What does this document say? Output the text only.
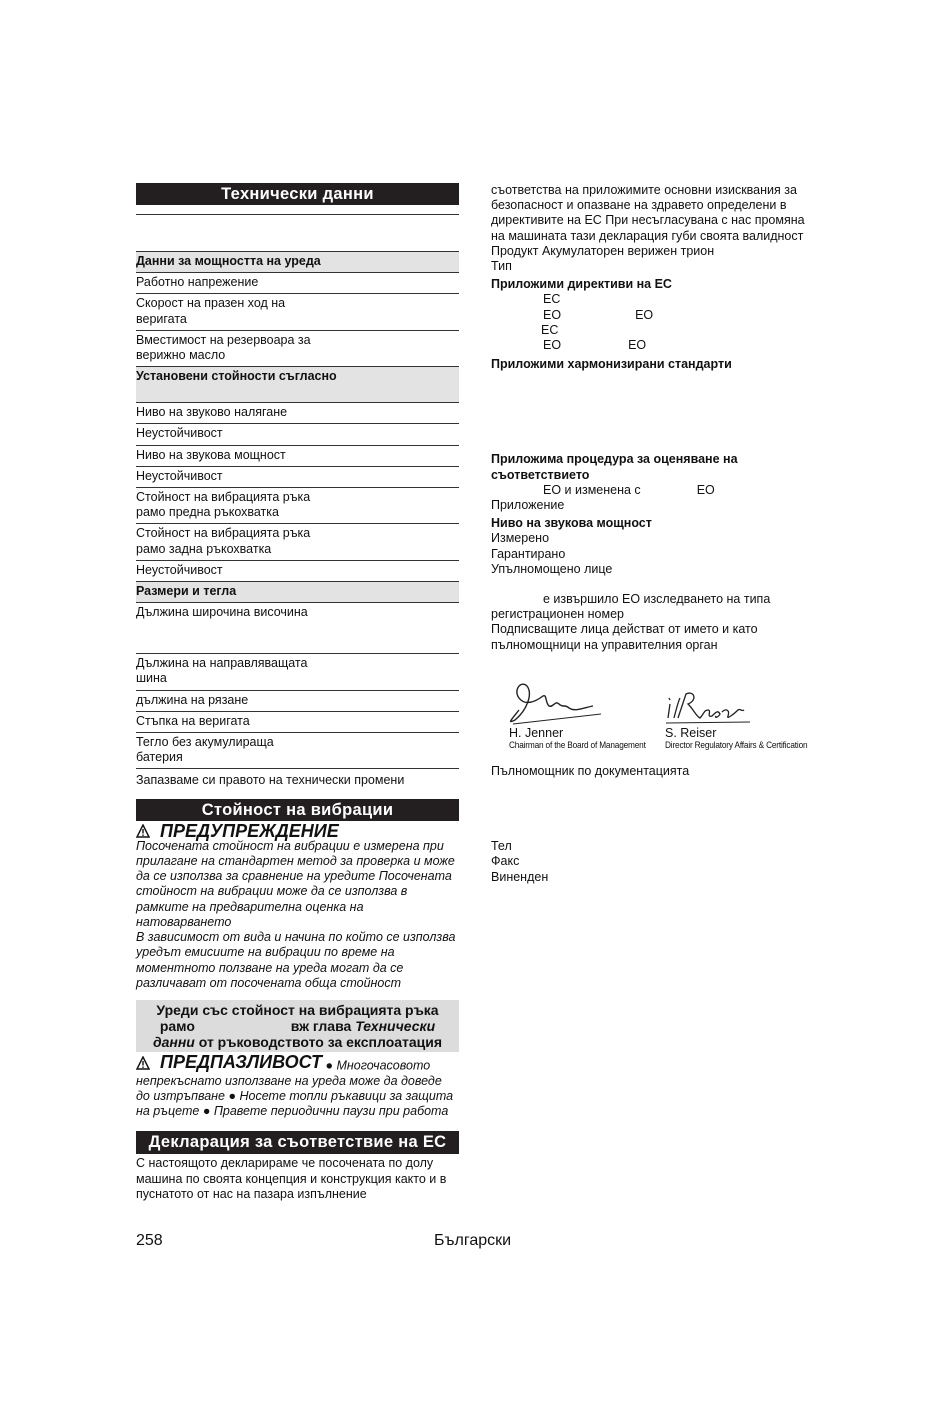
Технически данни
Данни за мощността на уреда
Работно напрежение
Скорост на празен ход на веригата
Вместимост на резервоара за верижно масло
Установени стойности съгласно
Ниво на звуково налягане
Неустойчивост
Ниво на звукова мощност
Неустойчивост
Стойност на вибрацията ръка рамо предна ръкохватка
Стойност на вибрацията ръка рамо задна ръкохватка
Неустойчивост
Размери и тегла
Дължина широчина височина
Дължина на направляващата шина
дължина на рязане
Стъпка на веригата
Тегло без акумулираща батерия
Запазваме си правото на технически промени
Стойност на вибрации
ПРЕДУПРЕЖДЕНИЕ
Посочената стойност на вибрации е измерена при прилагане на стандартен метод за проверка и може да се използва за сравнение на уредите Посочената стойност на вибрации може да се използва в рамките на предварителна оценка на натоварването
В зависимост от вида и начина по който се използва уредът емисиите на вибрации по време на моментното ползване на уреда могат да се различават от посочената обща стойност
Уреди със стойност на вибрацията ръка
рамо	вж глава Технически
данни от ръководството за експлоатация
ПРЕДПАЗЛИВОСТ ● Многочасовото непрекъснато използване на уреда може да доведе до изтръпване ● Носете топли ръкавици за защита на ръцете ● Правете периодични паузи при работа
Декларация за съответствие на ЕС
С настоящото декларираме че посочената по долу машина по своята концепция и конструкция както и в пуснатото от нас на пазара изпълнение
съответства на приложимите основни изисквания за безопасност и опазване на здравето определени в директивите на ЕС При несъгласувана с нас промяна на машината тази декларация губи своята валидност
Продукт Акумулаторен верижен трион
Тип
Приложими директиви на ЕС
ЕС
ЕО	ЕО
ЕС
ЕО	ЕО
Приложими хармонизирани стандарти
Приложима процедура за оценяване на съответствието
ЕО и изменена с	ЕО
Приложение
Ниво на звукова мощност
Измерено
Гарантирано
Упълномощено лице
е извършило ЕО изследването на типа
регистрационен номер
Подписващите лица действат от името и като пълномощници на управителния орган
H. Jenner
Chairman of the Board of Management
S. Reiser
Director Regulatory Affairs & Certification
Пълномощник по документацията
Тел
Факс
Виненден
258	Български
